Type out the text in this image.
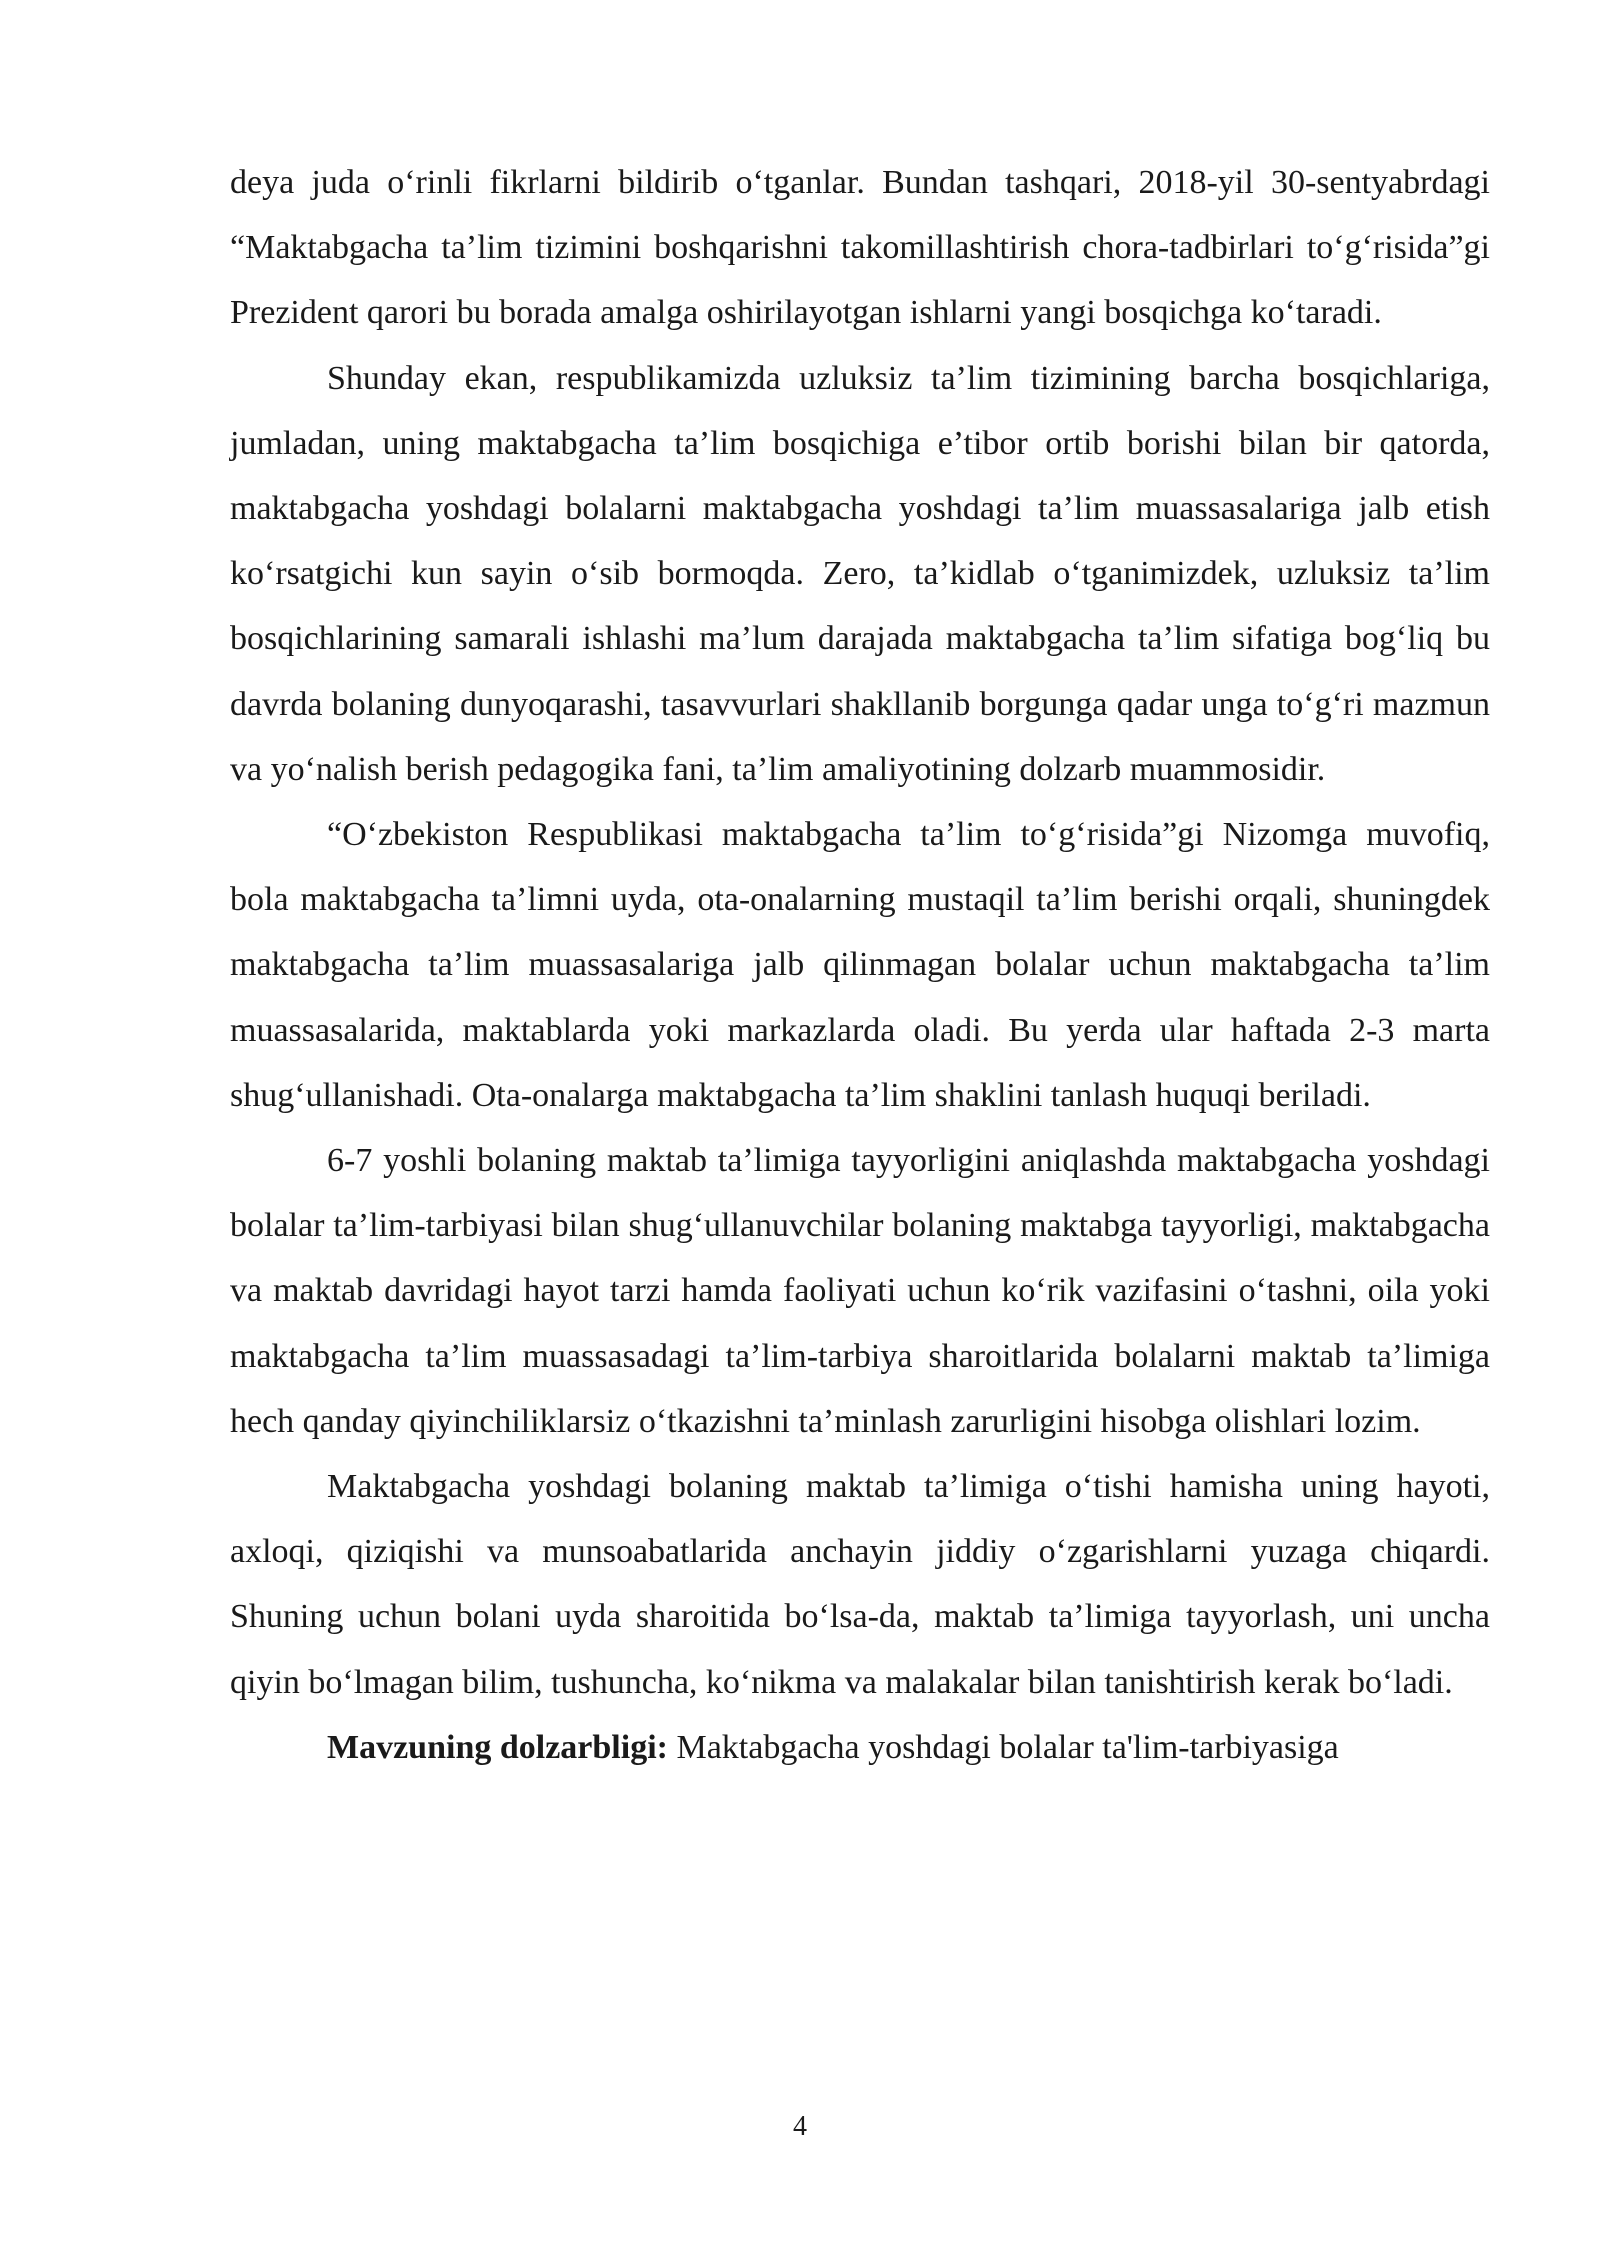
deya juda o‘rinli fikrlarni bildirib o‘tganlar. Bundan tashqari, 2018-yil 30-sentyabrdagi “Maktabgacha ta’lim tizimini boshqarishni takomillashtirish chora-tadbirlari to‘g‘risida”gi Prezident qarori bu borada amalga oshirilayotgan ishlarni yangi bosqichga ko‘taradi.

Shunday ekan, respublikamizda uzluksiz ta’lim tizimining barcha bosqichlariga, jumladan, uning maktabgacha ta’lim bosqichiga e’tibor ortib borishi bilan bir qatorda, maktabgacha yoshdagi bolalarni maktabgacha yoshdagi ta’lim muassasalariga jalb etish ko‘rsatgichi kun sayin o‘sib bormoqda. Zero, ta’kidlab o‘tganimizdek, uzluksiz ta’lim bosqichlarining samarali ishlashi ma’lum darajada maktabgacha ta’lim sifatiga bog‘liq bu davrda bolaning dunyoqarashi, tasavvurlari shakllanib borgunga qadar unga to‘g‘ri mazmun va yo‘nalish berish pedagogika fani, ta’lim amaliyotining dolzarb muammosidir.

“O‘zbekiston Respublikasi maktabgacha ta’lim to‘g‘risida”gi Nizomga muvofiq, bola maktabgacha ta’limni uyda, ota-onalarning mustaqil ta’lim berishi orqali, shuningdek maktabgacha ta’lim muassasalariga jalb qilinmagan bolalar uchun maktabgacha ta’lim muassasalarida, maktablarda yoki markazlarda oladi. Bu yerda ular haftada 2-3 marta shug‘ullanishadi. Ota-onalarga maktabgacha ta’lim shaklini tanlash huquqi beriladi.

6-7 yoshli bolaning maktab ta’limiga tayyorligini aniqlashda maktabgacha yoshdagi bolalar ta’lim-tarbiyasi bilan shug‘ullanuvchilar bolaning maktabga tayyorligi, maktabgacha va maktab davridagi hayot tarzi hamda faoliyati uchun ko‘rik vazifasini o‘tashni, oila yoki maktabgacha ta’lim muassasadagi ta’lim-tarbiya sharoitlarida bolalarni maktab ta’limiga hech qanday qiyinchiliklarsiz o‘tkazishni ta’minlash zarurligini hisobga olishlari lozim.

Maktabgacha yoshdagi bolaning maktab ta’limiga o‘tishi hamisha uning hayoti, axloqi, qiziqishi va munsoabatlarida anchayin jiddiy o‘zgarishlarni yuzaga chiqardi. Shuning uchun bolani uyda sharoitida bo‘lsa-da, maktab ta’limiga tayyorlash, uni uncha qiyin bo‘lmagan bilim, tushuncha, ko‘nikma va malakalar bilan tanishtirish kerak bo‘ladi.

Mavzuning dolzarbligi: Maktabgacha yoshdagi bolalar ta'lim-tarbiyasiga

4
